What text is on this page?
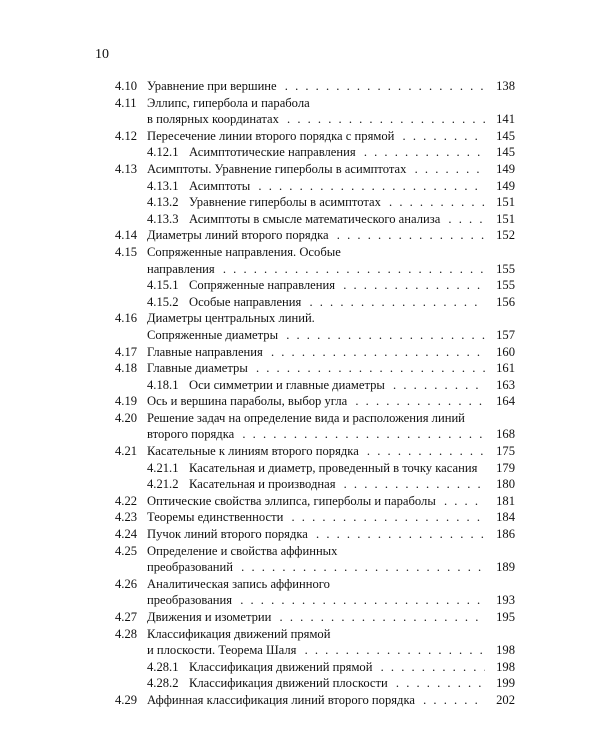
10
4.10 Уравнение при вершине . . .	138
4.11 Эллипс, гипербола и парабола
в полярных координатах . . .	141
4.12 Пересечение линии второго порядка с прямой . . .	145
4.12.1 Асимптотические направления . . .	145
4.13 Асимптоты. Уравнение гиперболы в асимптотах . . .	149
4.13.1 Асимптоты . . .	149
4.13.2 Уравнение гиперболы в асимптотах . . .	151
4.13.3 Асимптоты в смысле математического анализа . . .	151
4.14 Диаметры линий второго порядка . . .	152
4.15 Сопряженные направления. Особые
направления . . .	155
4.15.1 Сопряженные направления . . .	155
4.15.2 Особые направления . . .	156
4.16 Диаметры центральных линий.
Сопряженные диаметры . . .	157
4.17 Главные направления . . .	160
4.18 Главные диаметры . . .	161
4.18.1 Оси симметрии и главные диаметры . . .	163
4.19 Ось и вершина параболы, выбор угла . . .	164
4.20 Решение задач на определение вида и расположения линий
второго порядка . . .	168
4.21 Касательные к линиям второго порядка . . .	175
4.21.1 Касательная и диаметр, проведенный в точку касания . . .	179
4.21.2 Касательная и производная . . .	180
4.22 Оптические свойства эллипса, гиперболы и параболы . . .	181
4.23 Теоремы единственности . . .	184
4.24 Пучок линий второго порядка . . .	186
4.25 Определение и свойства аффинных
преобразований . . .	189
4.26 Аналитическая запись аффинного
преобразования . . .	193
4.27 Движения и изометрии . . .	195
4.28 Классификация движений прямой
и плоскости. Теорема Шаля . . .	198
4.28.1 Классификация движений прямой . . .	198
4.28.2 Классификация движений плоскости . . .	199
4.29 Аффинная классификация линий второго порядка . . .	202
